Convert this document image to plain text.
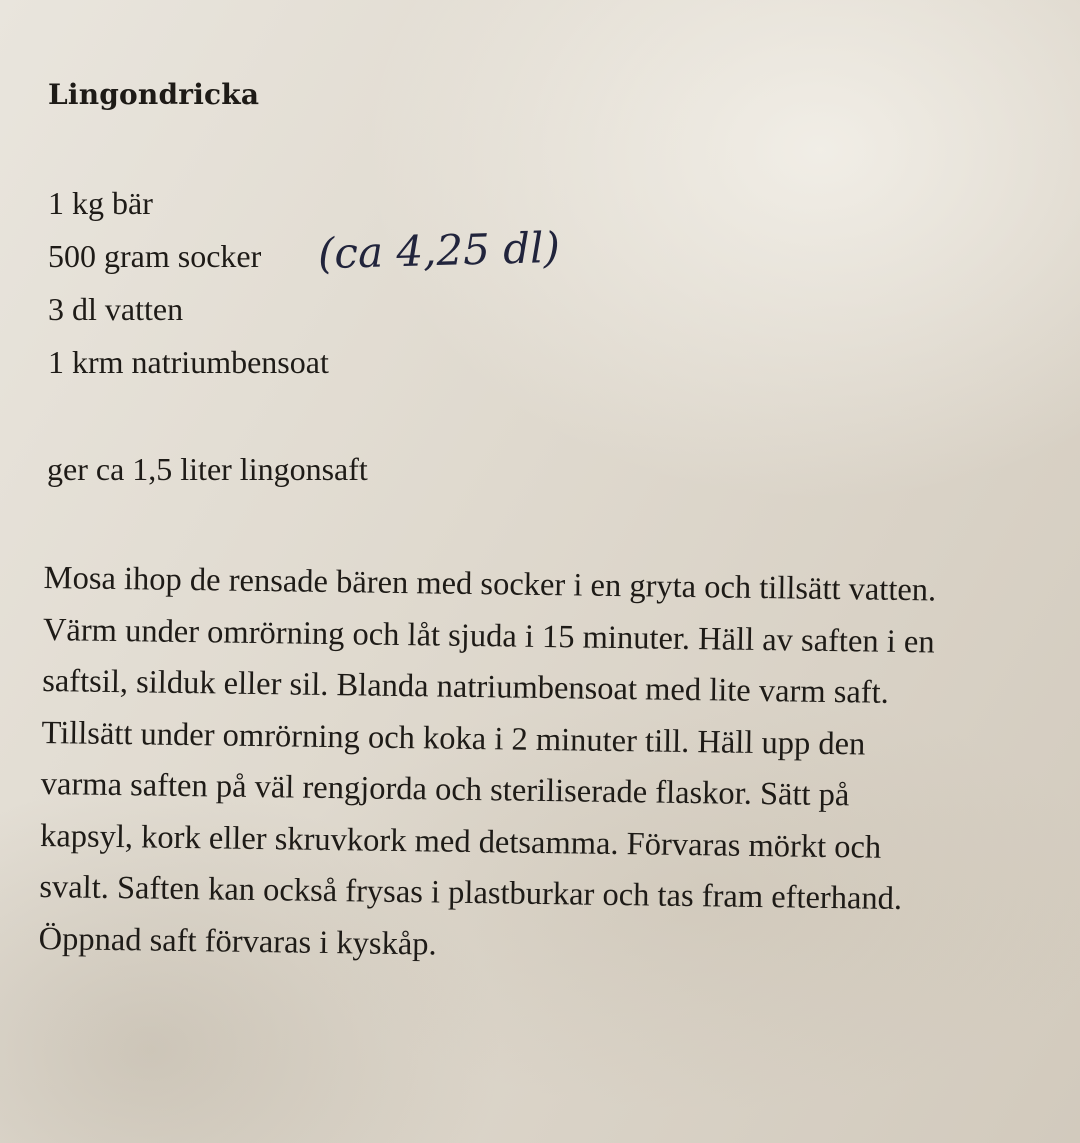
Lingondricka
1 kg bär
500 gram socker
3 dl vatten
1 krm natriumbensoat
(ca 4,25 dl)

ger ca 1,5 liter lingonsaft

Mosa ihop de rensade bären med socker i en gryta och tillsätt vatten.
Värm under omrörning och låt sjuda i 15 minuter. Häll av saften i en
saftsil, silduk eller sil. Blanda natriumbensoat med lite varm saft.
Tillsätt under omrörning och koka i 2 minuter till. Häll upp den
varma saften på väl rengjorda och steriliserade flaskor. Sätt på
kapsyl, kork eller skruvkork med detsamma. Förvaras mörkt och
svalt. Saften kan också frysas i plastburkar och tas fram efterhand.
Öppnad saft förvaras i kyskåp.
